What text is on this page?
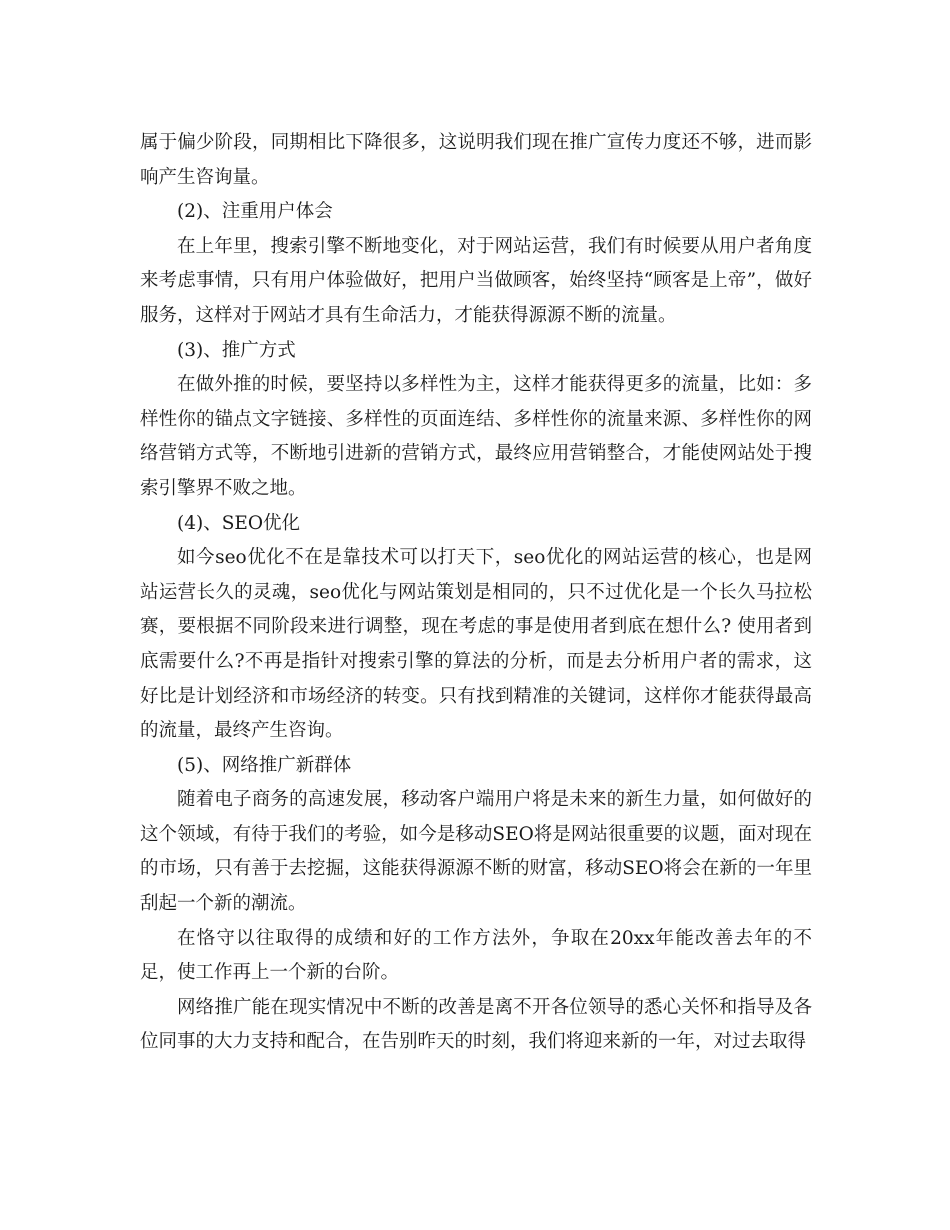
属于偏少阶段，同期相比下降很多，这说明我们现在推广宣传力度还不够，进而影响产生咨询量。

(2)、注重用户体会

在上年里，搜索引擎不断地变化，对于网站运营，我们有时候要从用户者角度来考虑事情，只有用户体验做好，把用户当做顾客，始终坚持“顾客是上帝”，做好服务，这样对于网站才具有生命活力，才能获得源源不断的流量。

(3)、推广方式

在做外推的时候，要坚持以多样性为主，这样才能获得更多的流量，比如：多样性你的锚点文字链接、多样性的页面连结、多样性你的流量来源、多样性你的网络营销方式等，不断地引进新的营销方式，最终应用营销整合，才能使网站处于搜索引擎界不败之地。

(4)、SEO优化

如今seo优化不在是靠技术可以打天下，seo优化的网站运营的核心，也是网站运营长久的灵魂，seo优化与网站策划是相同的，只不过优化是一个长久马拉松赛，要根据不同阶段来进行调整，现在考虑的事是使用者到底在想什么? 使用者到底需要什么?不再是指针对搜索引擎的算法的分析，而是去分析用户者的需求，这好比是计划经济和市场经济的转变。只有找到精准的关键词，这样你才能获得最高的流量，最终产生咨询。

(5)、网络推广新群体

随着电子商务的高速发展，移动客户端用户将是未来的新生力量，如何做好的这个领域，有待于我们的考验，如今是移动SEO将是网站很重要的议题，面对现在的市场，只有善于去挖掘，这能获得源源不断的财富，移动SEO将会在新的一年里刮起一个新的潮流。

在恪守以往取得的成绩和好的工作方法外，争取在20xx年能改善去年的不足，使工作再上一个新的台阶。

网络推广能在现实情况中不断的改善是离不开各位领导的悉心关怀和指导及各位同事的大力支持和配合，在告别昨天的时刻，我们将迎来新的一年，对过去取得
